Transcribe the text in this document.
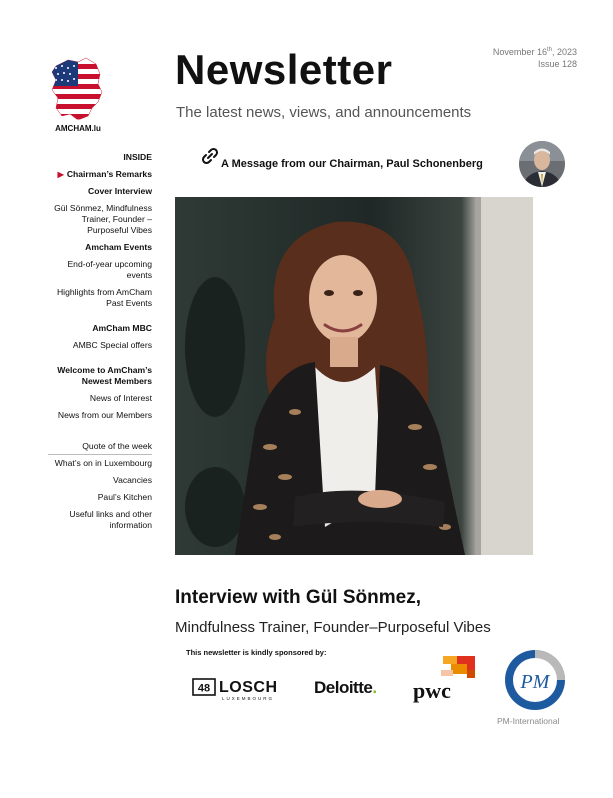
AMCHAM.lu
Newsletter
The latest news, views, and announcements
November 16th, 2023
Issue 128
A Message from our Chairman, Paul Schonenberg
INSIDE
▶ Chairman’s Remarks
Cover Interview
Gül Sönmez, Mindfulness Trainer, Founder – Purposeful Vibes
Amcham Events
End-of-year upcoming events
Highlights from AmCham Past Events
AmCham MBC
AMBC Special offers
Welcome to AmCham’s Newest Members
News of Interest
News from our Members
Quote of the week
What’s on in Luxembourg
Vacancies
Paul’s Kitchen
Useful links and other information
Interview with Gül Sönmez,
Mindfulness Trainer, Founder–Purposeful Vibes
This newsletter is kindly sponsored by:
48 LOSCH
LUXEMBOURG
Deloitte. pwc	PM
PM-International
